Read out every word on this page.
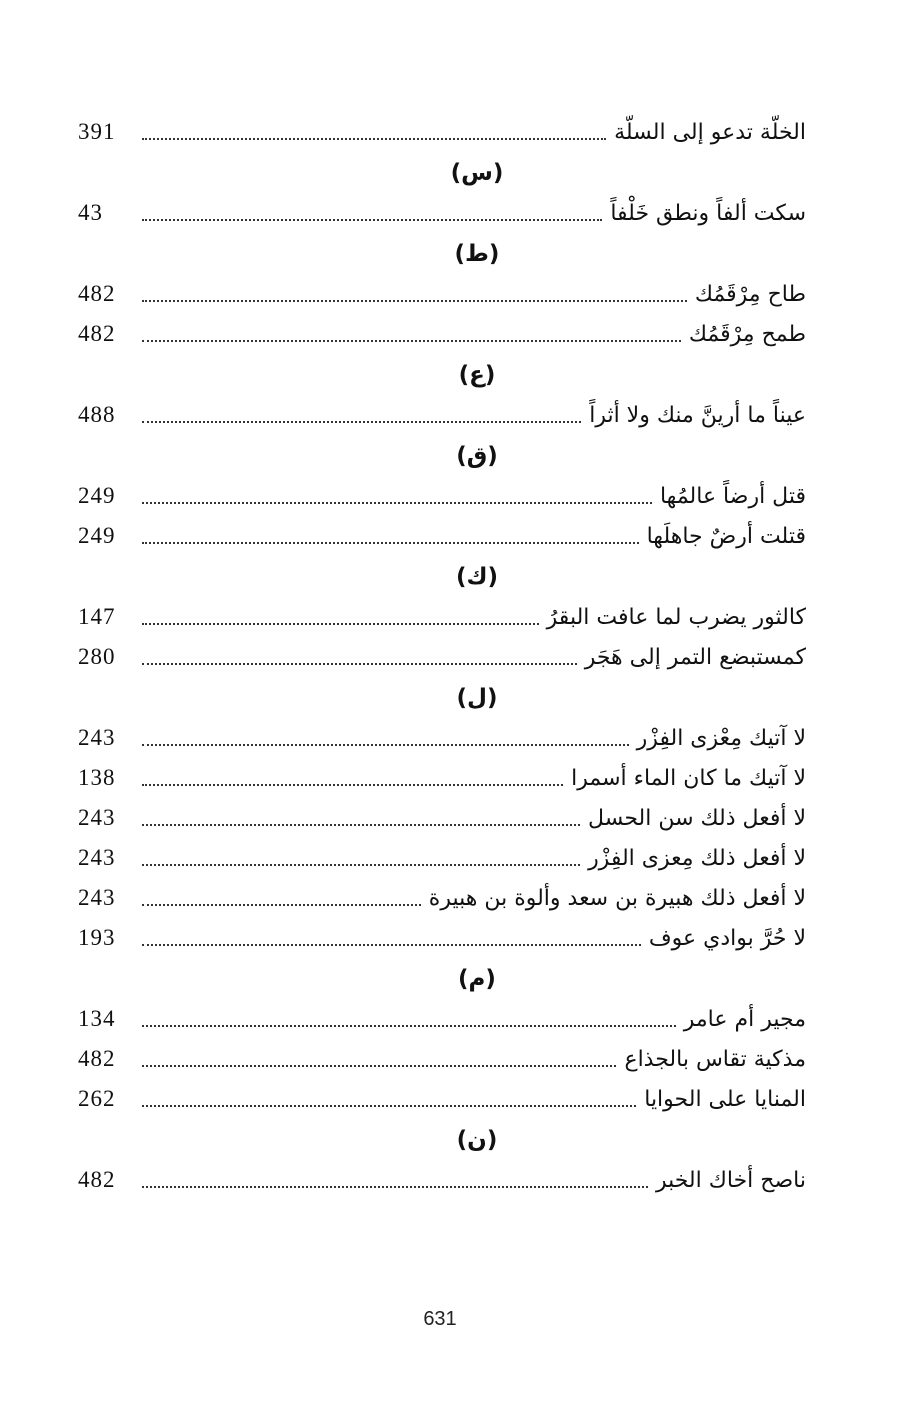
391	الخلّة تدعو إلى السلّة
(س)
43	سكت ألفاً ونطق خَلْفاً
(ط)
482	طاح مِرْقَمُك
482	طمح مِرْقَمُك
(ع)
488	عيناً ما أرينَّ منك ولا أثراً
(ق)
249	قتل أرضاً عالمُها
249	قتلت أرضٌ جاهلَها
(ك)
147	كالثور يضرب لما عافت البقرُ
280	كمستبضع التمر إلى هَجَر
(ل)
243	لا آتيك مِعْزى الفِزْر
138	لا آتيك ما كان الماء أسمرا
243	لا أفعل ذلك سن الحسل
243	لا أفعل ذلك مِعزى الفِزْر
243	لا أفعل ذلك هبيرة بن سعد وألوة بن هبيرة
193	لا حُرَّ بوادي عوف
(م)
134	مجير أم عامر
482	مذكية تقاس بالجذاع
262	المنايا على الحوايا
(ن)
482	ناصح أخاك الخبر
631
